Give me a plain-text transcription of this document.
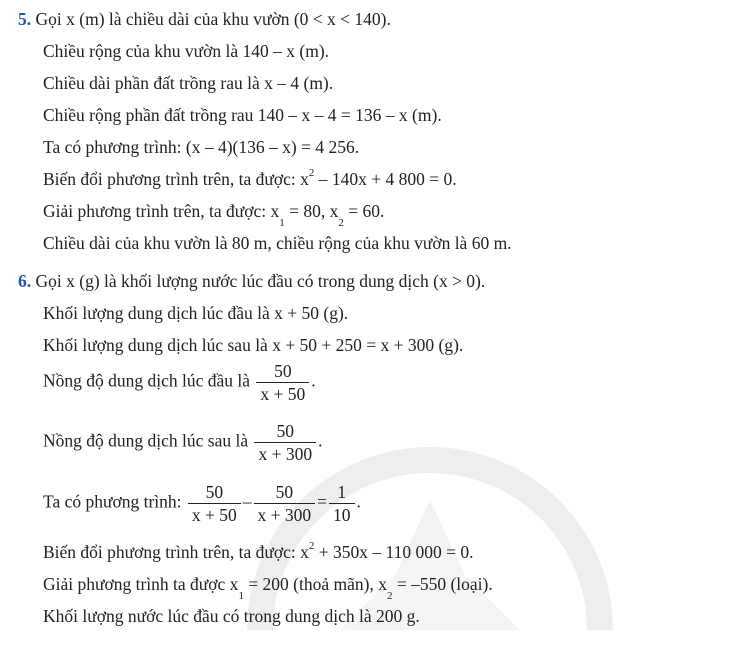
5. Gọi x (m) là chiều dài của khu vườn (0 < x < 140).
Chiều rộng của khu vườn là 140 – x (m).
Chiều dài phần đất trồng rau là x – 4 (m).
Chiều rộng phần đất trồng rau 140 – x – 4 = 136 – x (m).
Ta có phương trình: (x – 4)(136 – x) = 4 256.
Biến đổi phương trình trên, ta được: $x^2 - 140x + 4$ 800 = 0.
Giải phương trình trên, ta được: $x_1 = 80$, $x_2 = 60$.
Chiều dài của khu vườn là 80 m, chiều rộng của khu vườn là 60 m.
6. Gọi x (g) là khối lượng nước lúc đầu có trong dung dịch (x > 0).
Khối lượng dung dịch lúc đầu là x + 50 (g).
Khối lượng dung dịch lúc sau là x + 50 + 250 = x + 300 (g).
Nồng độ dung dịch lúc đầu là $\frac{50}{x + 50}$ .
Nồng độ dung dịch lúc sau là $\frac{50}{x + 300}$ .
Ta có phương trình: $\frac{50}{x + 50} - \frac{50}{x + 300} = \frac{1}{10}$ .
Biến đổi phương trình trên, ta được: $x^2 + 350x - 110$ 000 = 0.
Giải phương trình ta được $x_1 = 200$ (thoả mãn), $x_2 = -550$ (loại).
Khối lượng nước lúc đầu có trong dung dịch là 200 g.
